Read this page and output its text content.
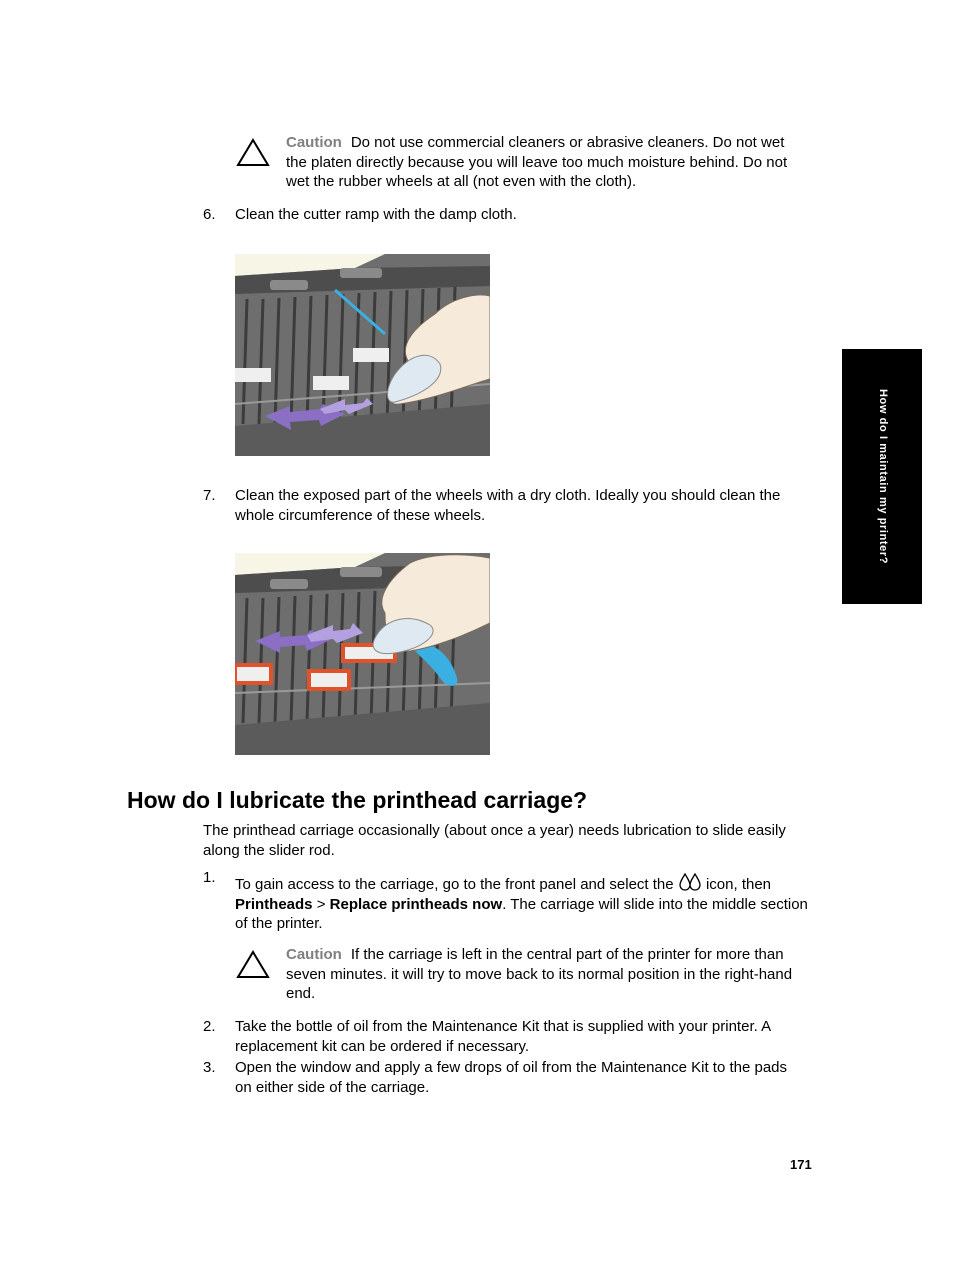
How do I maintain my printer?
Caution Do not use commercial cleaners or abrasive cleaners. Do not wet the platen directly because you will leave too much moisture behind. Do not wet the rubber wheels at all (not even with the cloth).
6.	Clean the cutter ramp with the damp cloth.
7.	Clean the exposed part of the wheels with a dry cloth. Ideally you should clean the whole circumference of these wheels.
How do I lubricate the printhead carriage?
The printhead carriage occasionally (about once a year) needs lubrication to slide easily along the slider rod.
1.	To gain access to the carriage, go to the front panel and select the icon, then Printheads > Replace printheads now. The carriage will slide into the middle section of the printer.
Caution If the carriage is left in the central part of the printer for more than seven minutes. it will try to move back to its normal position in the right-hand end.
2.	Take the bottle of oil from the Maintenance Kit that is supplied with your printer. A replacement kit can be ordered if necessary.
3.	Open the window and apply a few drops of oil from the Maintenance Kit to the pads on either side of the carriage.
171
